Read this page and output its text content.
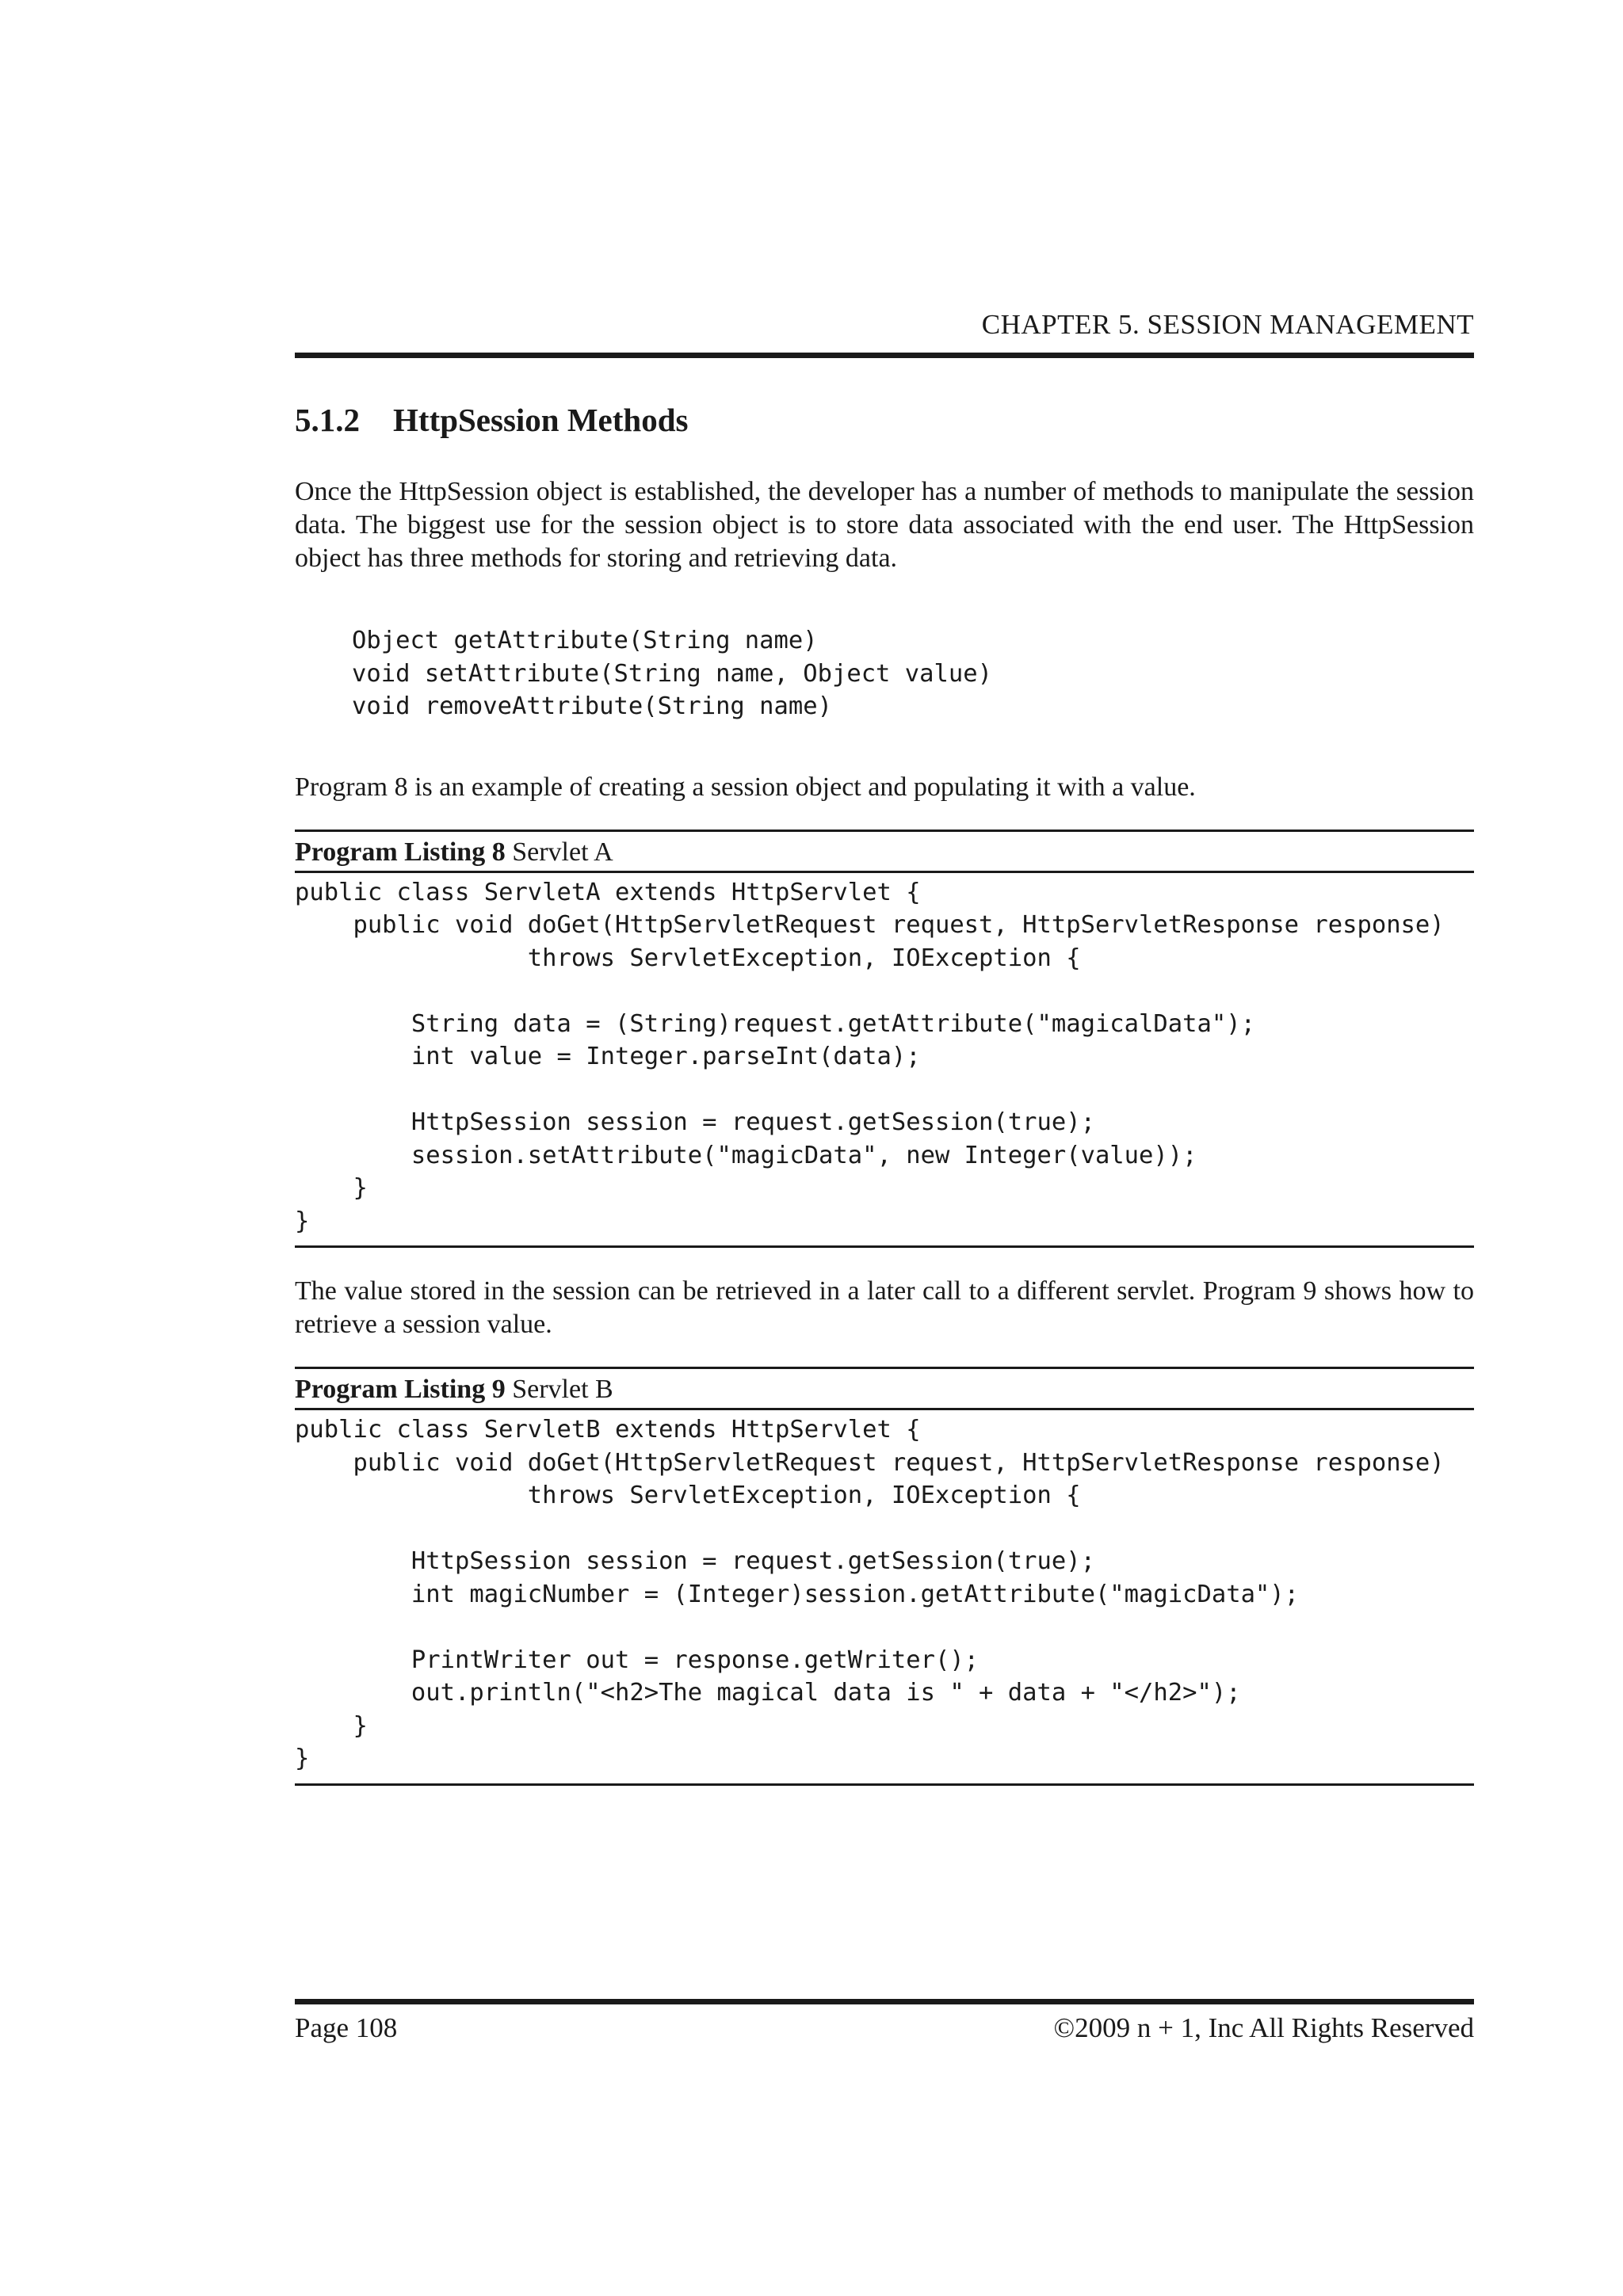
CHAPTER 5. SESSION MANAGEMENT
5.1.2 HttpSession Methods

Once the HttpSession object is established, the developer has a number of methods to manipulate the session data. The biggest use for the session object is to store data associated with the end user. The HttpSession object has three methods for storing and retrieving data.

Object getAttribute(String name)
void setAttribute(String name, Object value)
void removeAttribute(String name)

Program 8 is an example of creating a session object and populating it with a value.

Program Listing 8 Servlet A
public class ServletA extends HttpServlet {
public void doGet(HttpServletRequest request, HttpServletResponse response)
throws ServletException, IOException {

String data = (String)request.getAttribute("magicalData");
int value = Integer.parseInt(data);

HttpSession session = request.getSession(true);
session.setAttribute("magicData", new Integer(value));
}
}

The value stored in the session can be retrieved in a later call to a different servlet. Program 9 shows how to retrieve a session value.

Program Listing 9 Servlet B
public class ServletB extends HttpServlet {
public void doGet(HttpServletRequest request, HttpServletResponse response)
throws ServletException, IOException {

HttpSession session = request.getSession(true);
int magicNumber = (Integer)session.getAttribute("magicData");

PrintWriter out = response.getWriter();
out.println("<h2>The magical data is " + data + "</h2>");
}
}
Page 108	©2009 n + 1, Inc All Rights Reserved
